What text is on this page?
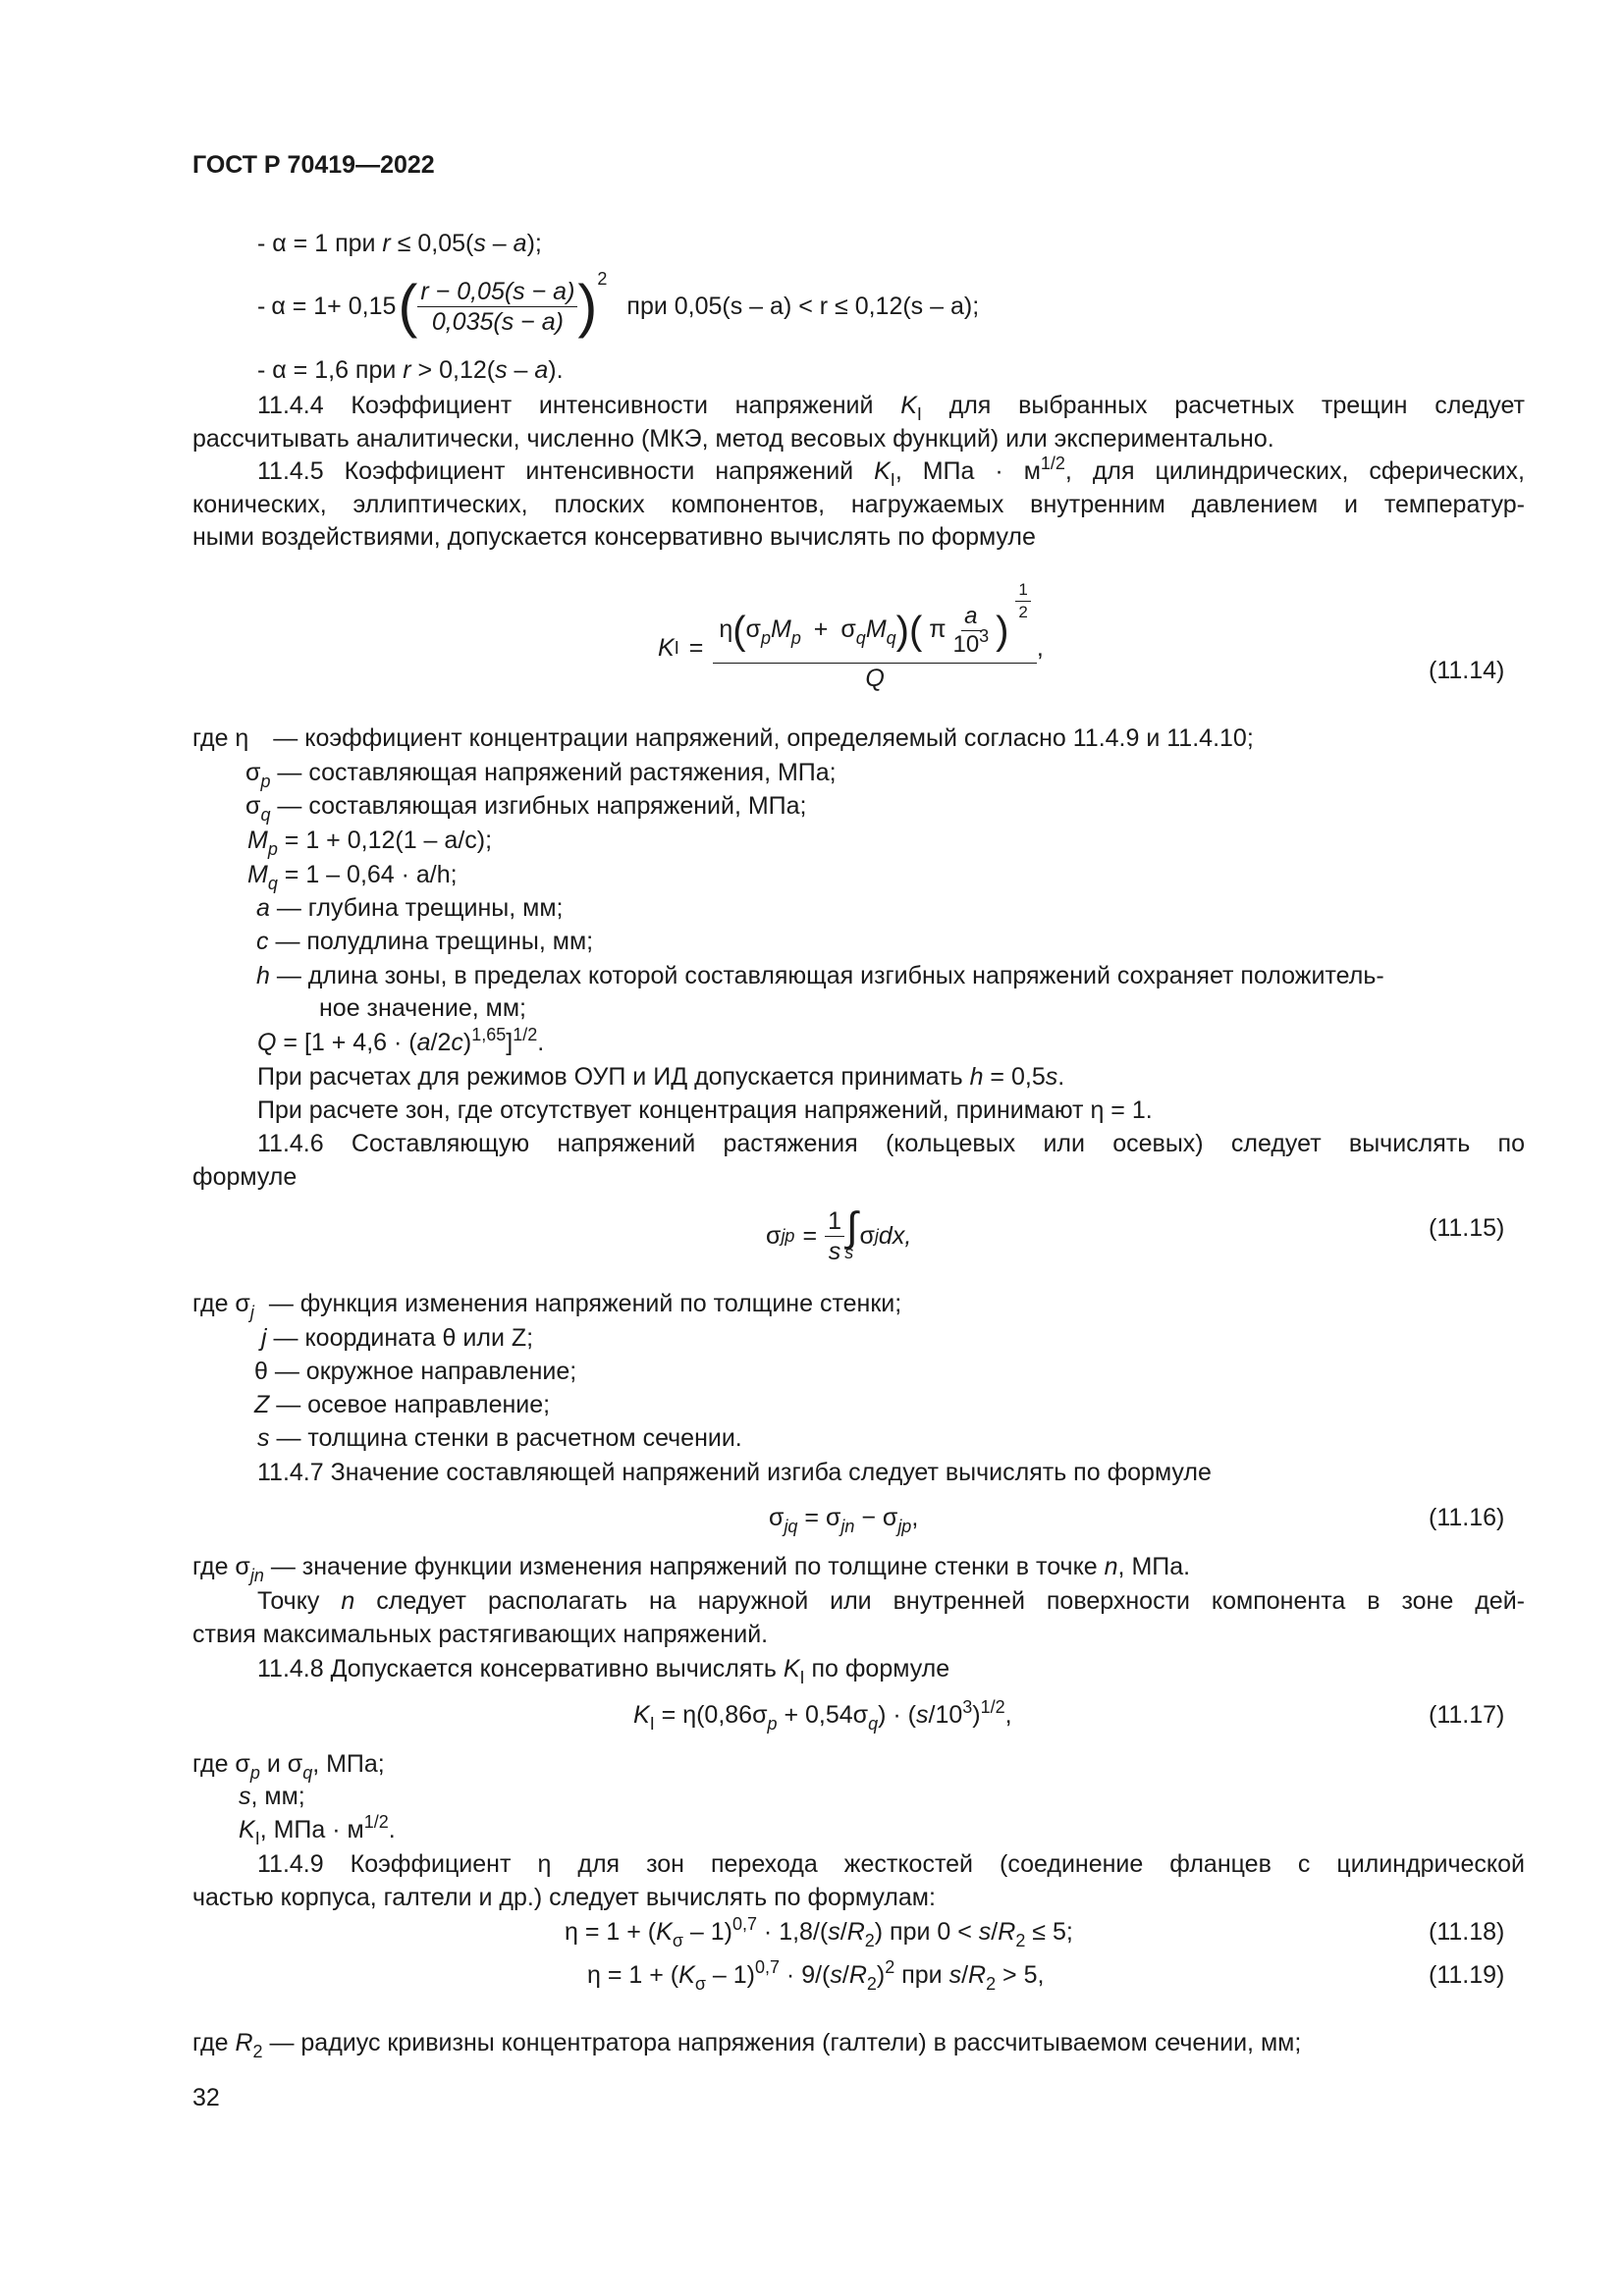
ГОСТ Р 70419—2022
- α = 1 при r ≤ 0,05(s – a);
- α = 1+ 0,15 ( $\frac{r - 0,05(s - a)}{0,035(s - a)}$ ) 2
при 0,05(s – a) < r ≤ 0,12(s – a);
- α = 1,6 при r > 0,12(s – a).
11.4.4 Коэффициент интенсивности напряжений $K_I$ для выбранных расчетных трещин следует
рассчитывать аналитически, численно (МКЭ, метод весовых функций) или экспериментально.
11.4.5 Коэффициент интенсивности напряжений $K_I$, МПа · $м^{1/2}$, для цилиндрических, сферических,
конических, эллиптических, плоских компонентов, нагружаемых внутренним давлением и температур-
ными воздействиями, допускается консервативно вычислять по формуле
K I =
$\eta(\sigma_pM_p + \sigma_qM_q)$( π $\frac{a}{10^3}$ )
$\frac{1}{2}$
Q
,
(11.14)
где η — коэффициент концентрации напряжений, определяемый согласно 11.4.9 и 11.4.10;
$\sigma_p$ — составляющая напряжений растяжения, МПа;
$\sigma_q$ — составляющая изгибных напряжений, МПа;
$M_p = 1 + 0,12(1 - a/c)$;
$M_q = 1 - 0,64 \cdot a/h$;
a — глубина трещины, мм;
c — полудлина трещины, мм;
h — длина зоны, в пределах которой составляющая изгибных напряжений сохраняет положитель-
ное значение, мм;
$Q = [1 + 4,6 \cdot (a/2c)^{1,65}]^{1/2}$.
При расчетах для режимов ОУП и ИД допускается принимать h = 0,5s.
При расчете зон, где отсутствует концентрация напряжений, принимают η = 1.
11.4.6 Составляющую напряжений растяжения (кольцевых или осевых) следует вычислять по
формуле
σ jp = $\frac{1}{s}$ ∫
s
σ j dx,	(11.15)
где $\sigma_j$ — функция изменения напряжений по толщине стенки;
j — координата θ или Z;
θ — окружное направление;
Z — осевое направление;
s — толщина стенки в расчетном сечении.
11.4.7 Значение составляющей напряжений изгиба следует вычислять по формуле
$\sigma_{jq} = \sigma_{jn} - \sigma_{jp}$,	(11.16)
где $\sigma_{jn}$ — значение функции изменения напряжений по толщине стенки в точке n, МПа.
Точку n следует располагать на наружной или внутренней поверхности компонента в зоне дей-
ствия максимальных растягивающих напряжений.
11.4.8 Допускается консервативно вычислять $K_I$ по формуле
$K_I = \eta(0,86\sigma_p + 0,54\sigma_q) \cdot (s/10^3)^{1/2}$,	(11.17)
где $\sigma_p$ и $\sigma_q$, МПа;
s, мм;
$K_I$, МПа · $м^{1/2}$.
11.4.9 Коэффициент η для зон перехода жесткостей (соединение фланцев с цилиндрической
частью корпуса, галтели и др.) следует вычислять по формулам:
$\eta = 1 + (K_\sigma - 1)^{0,7} \cdot 1,8/(s/R_2)$ при $0 < s/R_2 \le 5$;	(11.18)
$\eta = 1 + (K_\sigma - 1)^{0,7} \cdot 9/(s/R_2)^2$ при $s/R_2 > 5$,	(11.19)
где $R_2$ — радиус кривизны концентратора напряжения (галтели) в рассчитываемом сечении, мм;
32
